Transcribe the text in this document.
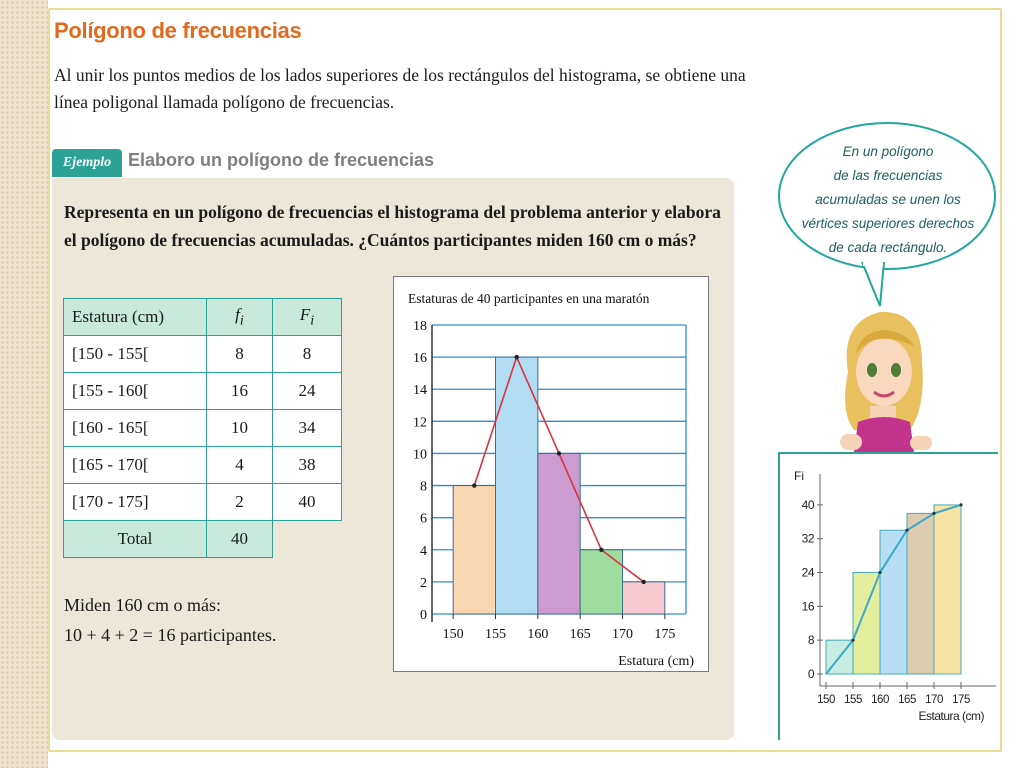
Polígono de frecuencias

Al unir los puntos medios de los lados superiores de los rectángulos del histograma, se obtiene una línea poligonal llamada polígono de frecuencias.

Ejemplo Elaboro un polígono de frecuencias

Representa en un polígono de frecuencias el histograma del problema anterior y elabora el polígono de frecuencias acumuladas. ¿Cuántos participantes miden 160 cm o más?

Estatura (cm)	$f_i$	$F_i$
[150 - 155[	8	8
[155 - 160[	16	24
[160 - 165[	10	34
[165 - 170[	4	38
[170 - 175]	2	40
Total	40	

Miden 160 cm o más:
10 + 4 + 2 = 16 participantes.

Estaturas de 40 participantes en una maratón
0
2
4
6
8
10
12
14
16
18
150 155 160 165 170 175
Estatura (cm)

En un polígono
de las frecuencias
acumuladas se unen los
vértices superiores derechos
de cada rectángulo.

Fi
0
8
16
24
32
40
150 155 160 165 170 175
Estatura (cm)
